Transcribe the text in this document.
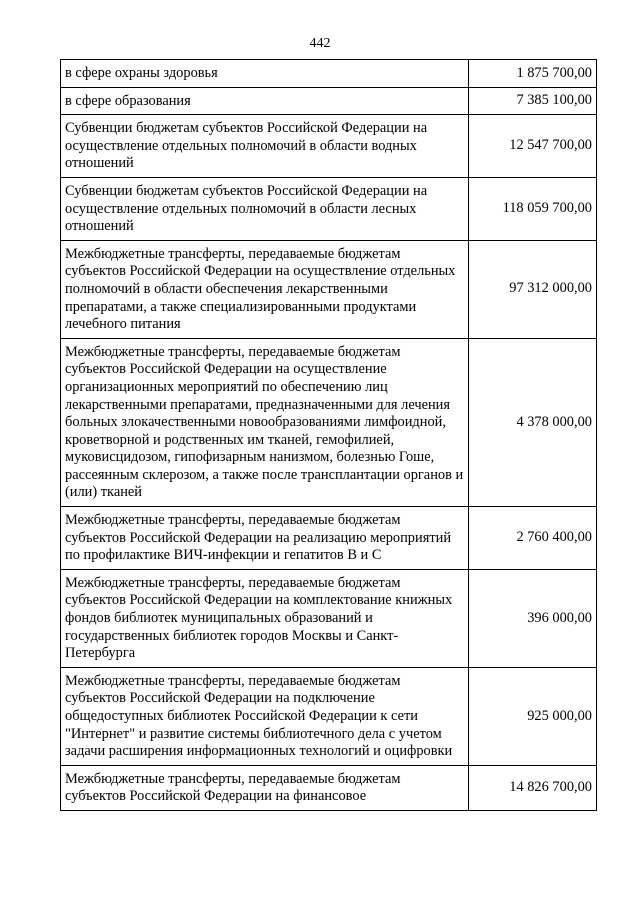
442
в сфере охраны здоровья	1 875 700,00
в сфере образования	7 385 100,00
Субвенции бюджетам субъектов Российской Федерации на осуществление отдельных полномочий в области водных отношений	12 547 700,00
Субвенции бюджетам субъектов Российской Федерации на осуществление отдельных полномочий в области лесных отношений	118 059 700,00
Межбюджетные трансферты, передаваемые бюджетам субъектов Российской Федерации на осуществление отдельных полномочий в области обеспечения лекарственными препаратами, а также специализированными продуктами лечебного питания	97 312 000,00
Межбюджетные трансферты, передаваемые бюджетам субъектов Российской Федерации на осуществление организационных мероприятий по обеспечению лиц лекарственными препаратами, предназначенными для лечения больных злокачественными новообразованиями лимфоидной, кроветворной и родственных им тканей, гемофилией, муковисцидозом, гипофизарным нанизмом, болезнью Гоше, рассеянным склерозом, а также после трансплантации органов и (или) тканей	4 378 000,00
Межбюджетные трансферты, передаваемые бюджетам субъектов Российской Федерации на реализацию мероприятий по профилактике ВИЧ-инфекции и гепатитов В и С	2 760 400,00
Межбюджетные трансферты, передаваемые бюджетам субъектов Российской Федерации на комплектование книжных фондов библиотек муниципальных образований и государственных библиотек городов Москвы и Санкт-Петербурга	396 000,00
Межбюджетные трансферты, передаваемые бюджетам субъектов Российской Федерации на подключение общедоступных библиотек Российской Федерации к сети "Интернет" и развитие системы библиотечного дела с учетом задачи расширения информационных технологий и оцифровки	925 000,00
Межбюджетные трансферты, передаваемые бюджетам субъектов Российской Федерации на финансовое	14 826 700,00
